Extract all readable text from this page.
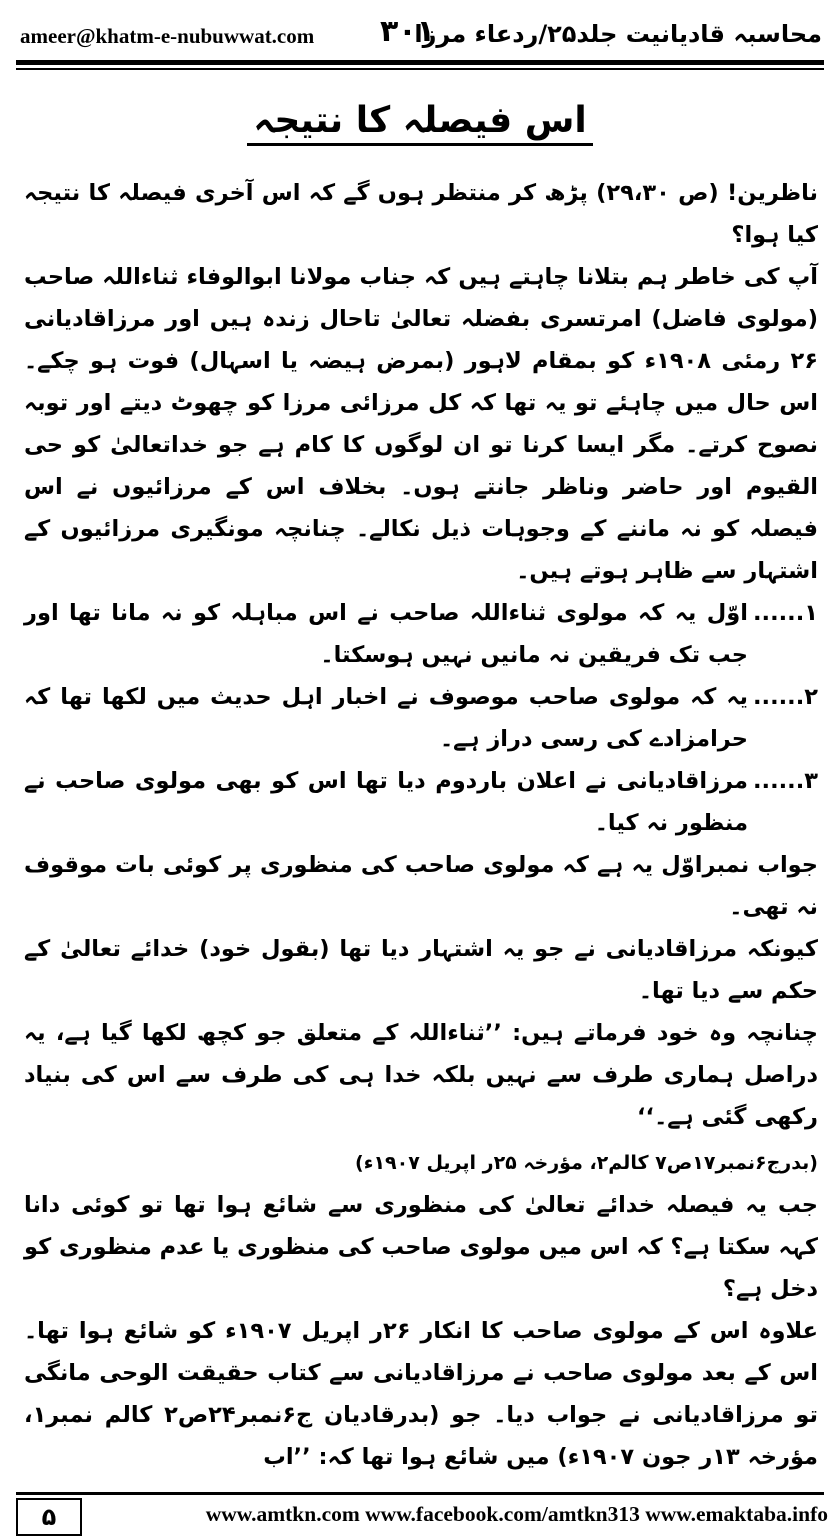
ameer@khatm-e-nubuwwat.com ۳۰۱
محاسبہ قادیانیت جلد۲۵/ردعاء مرزا
اس فیصلہ کا نتیجہ

ناظرین! (ص ۲۹،۳۰) پڑھ کر منتظر ہوں گے کہ اس آخری فیصلہ کا نتیجہ کیا ہوا؟

آپ کی خاطر ہم بتلانا چاہتے ہیں کہ جناب مولانا ابوالوفاء ثناءاللہ صاحب (مولوی فاضل) امرتسری بفضلہ تعالیٰ تاحال زندہ ہیں اور مرزاقادیانی ۲۶ رمئی ۱۹۰۸ء کو بمقام لاہور (بمرض ہیضہ یا اسہال) فوت ہو چکے۔ اس حال میں چاہئے تو یہ تھا کہ کل مرزائی مرزا کو چھوٹ دیتے اور توبہ نصوح کرتے۔ مگر ایسا کرنا تو ان لوگوں کا کام ہے جو خداتعالیٰ کو حی القیوم اور حاضر وناظر جانتے ہوں۔ بخلاف اس کے مرزائیوں نے اس فیصلہ کو نہ ماننے کے وجوہات ذیل نکالے۔ چنانچہ مونگیری مرزائیوں کے اشتہار سے ظاہر ہوتے ہیں۔

۱......
اوّل یہ کہ مولوی ثناءاللہ صاحب نے اس مباہلہ کو نہ مانا تھا اور جب تک فریقین نہ مانیں نہیں ہوسکتا۔
۲......
یہ کہ مولوی صاحب موصوف نے اخبار اہل حدیث میں لکھا تھا کہ حرامزادے کی رسی دراز ہے۔
۳......
مرزاقادیانی نے اعلان باردوم دیا تھا اس کو بھی مولوی صاحب نے منظور نہ کیا۔

جواب نمبراوّل یہ ہے کہ مولوی صاحب کی منظوری پر کوئی بات موقوف نہ تھی۔

کیونکہ مرزاقادیانی نے جو یہ اشتہار دیا تھا (بقول خود) خدائے تعالیٰ کے حکم سے دیا تھا۔

چنانچہ وہ خود فرماتے ہیں: ’’ثناءاللہ کے متعلق جو کچھ لکھا گیا ہے، یہ دراصل ہماری طرف سے نہیں بلکہ خدا ہی کی طرف سے اس کی بنیاد رکھی گئی ہے۔‘‘

(بدرج۶نمبر۱۷ص۷ کالم۲، مؤرخہ ۲۵ر اپریل ۱۹۰۷ء)

جب یہ فیصلہ خدائے تعالیٰ کی منظوری سے شائع ہوا تھا تو کوئی دانا کہہ سکتا ہے؟ کہ اس میں مولوی صاحب کی منظوری یا عدم منظوری کو دخل ہے؟

علاوہ اس کے مولوی صاحب کا انکار ۲۶ر اپریل ۱۹۰۷ء کو شائع ہوا تھا۔ اس کے بعد مولوی صاحب نے مرزاقادیانی سے کتاب حقیقت الوحی مانگی تو مرزاقادیانی نے جواب دیا۔ جو (بدرقادیان ج۶نمبر۲۴ص۲ کالم نمبر۱، مؤرخہ ۱۳ر جون ۱۹۰۷ء) میں شائع ہوا تھا کہ: ’’اب

۵	www.amtkn.com www.facebook.com/amtkn313 www.emaktaba.info
